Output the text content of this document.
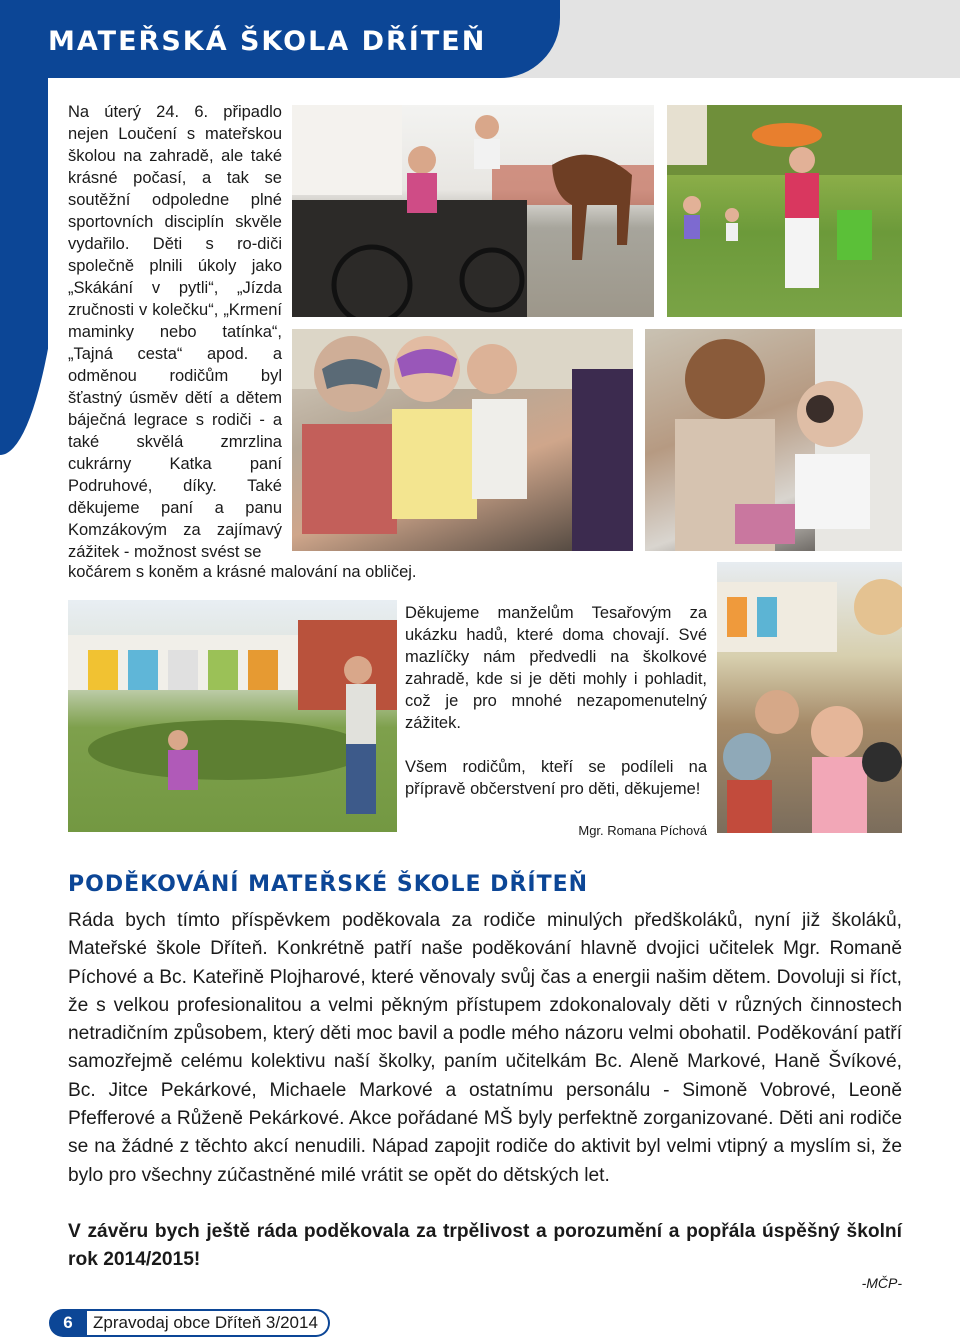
MATEŘSKÁ ŠKOLA DŘÍTEŇ
Na úterý 24. 6. připadlo nejen Loučení s mateřskou školou na zahradě, ale také krásné počasí, a tak se soutěžní odpoledne plné sportovních disciplín skvěle vydařilo. Děti s ro-diči společně plnili úkoly jako „Skákání v pytli“, „Jízda zručnosti v kolečku“, „Krmení maminky nebo tatínka“, „Tajná cesta“ apod. a odměnou rodičům byl šťastný úsměv dětí a dětem báječná legrace s rodiči - a také skvělá zmrzlina cukrárny Katka paní Podruhové, díky. Také děkujeme paní a panu Komzákovým za zajímavý zážitek - možnost svést se
kočárem s koněm a krásné malování na obličej.
Děkujeme manželům Tesařovým za ukázku hadů, které doma chovají. Své mazlíčky nám předvedli na školkové zahradě, kde si je děti mohly i pohladit, což je pro mnohé nezapomenutelný zážitek.
Všem rodičům, kteří se podíleli na přípravě občerstvení pro děti, děkujeme!
Mgr. Romana Píchová
PODĚKOVÁNÍ MATEŘSKÉ ŠKOLE DŘÍTEŇ
Ráda bych tímto příspěvkem poděkovala za rodiče minulých předškoláků, nyní již školáků, Mateřské škole Dříteň. Konkrétně patří naše poděkování hlavně dvojici učitelek Mgr. Romaně Píchové a Bc. Kateřině Plojharové, které věnovaly svůj čas a energii našim dětem. Dovoluji si říct, že s velkou profesionalitou a velmi pěkným přístupem zdokonalovaly děti v různých činnostech netradičním způsobem, který děti moc bavil a podle mého názoru velmi obohatil. Poděkování patří samozřejmě celému kolektivu naší školky, paním učitelkám Bc. Aleně Markové, Haně Švíkové, Bc. Jitce Pekárkové, Michaele Markové a ostatnímu personálu - Simoně Vobrové, Leoně Pfefferové a Růženě Pekárkové. Akce pořádané MŠ byly perfektně zorganizované. Děti ani rodiče se na žádné z těchto akcí nenudili. Nápad zapojit rodiče do aktivit byl velmi vtipný a myslím si, že bylo pro všechny zúčastněné milé vrátit se opět do dětských let.
V závěru bych ještě ráda poděkovala za trpělivost a porozumění a popřála úspěšný školní rok 2014/2015!
-MČP-
6	Zpravodaj obce Dříteň 3/2014
